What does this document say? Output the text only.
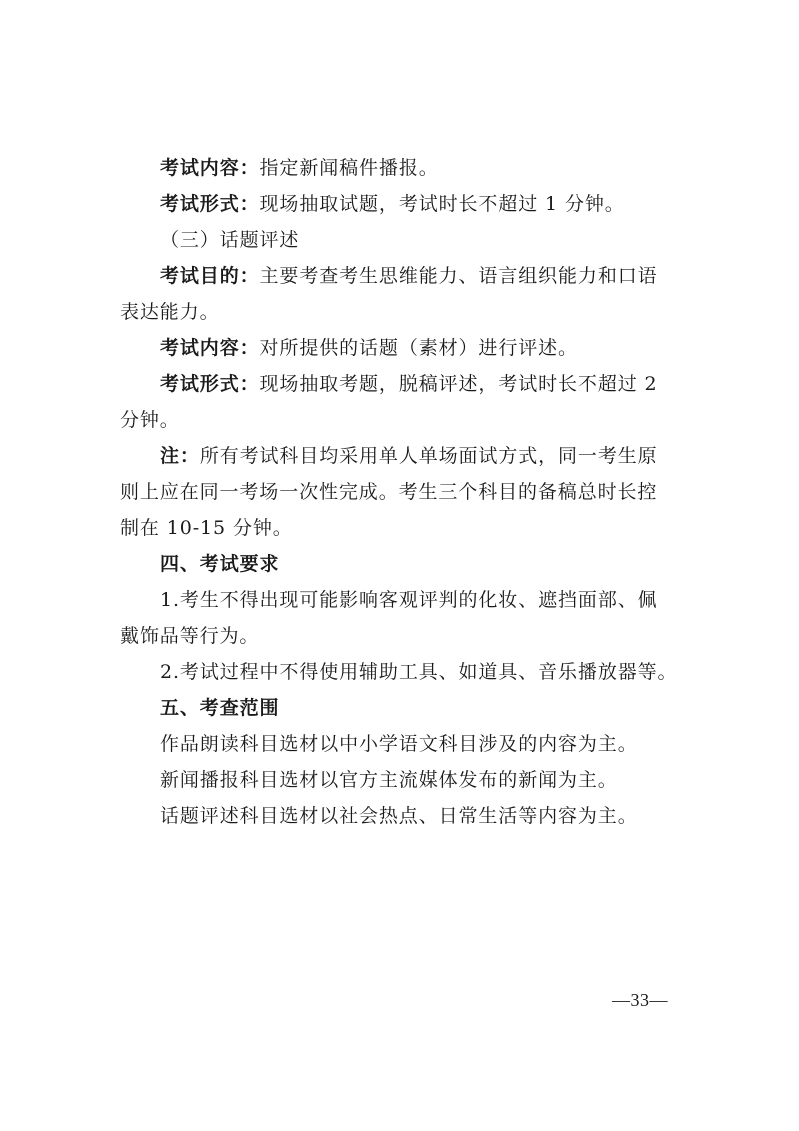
考试内容：指定新闻稿件播报。
考试形式：现场抽取试题，考试时长不超过 1 分钟。
（三）话题评述
考试目的：主要考查考生思维能力、语言组织能力和口语
表达能力。
考试内容：对所提供的话题（素材）进行评述。
考试形式：现场抽取考题，脱稿评述，考试时长不超过 2
分钟。
注：所有考试科目均采用单人单场面试方式，同一考生原
则上应在同一考场一次性完成。考生三个科目的备稿总时长控
制在 10-15 分钟。
四、考试要求
1.考生不得出现可能影响客观评判的化妆、遮挡面部、佩
戴饰品等行为。
2.考试过程中不得使用辅助工具、如道具、音乐播放器等。
五、考查范围
作品朗读科目选材以中小学语文科目涉及的内容为主。
新闻播报科目选材以官方主流媒体发布的新闻为主。
话题评述科目选材以社会热点、日常生活等内容为主。
—33—
